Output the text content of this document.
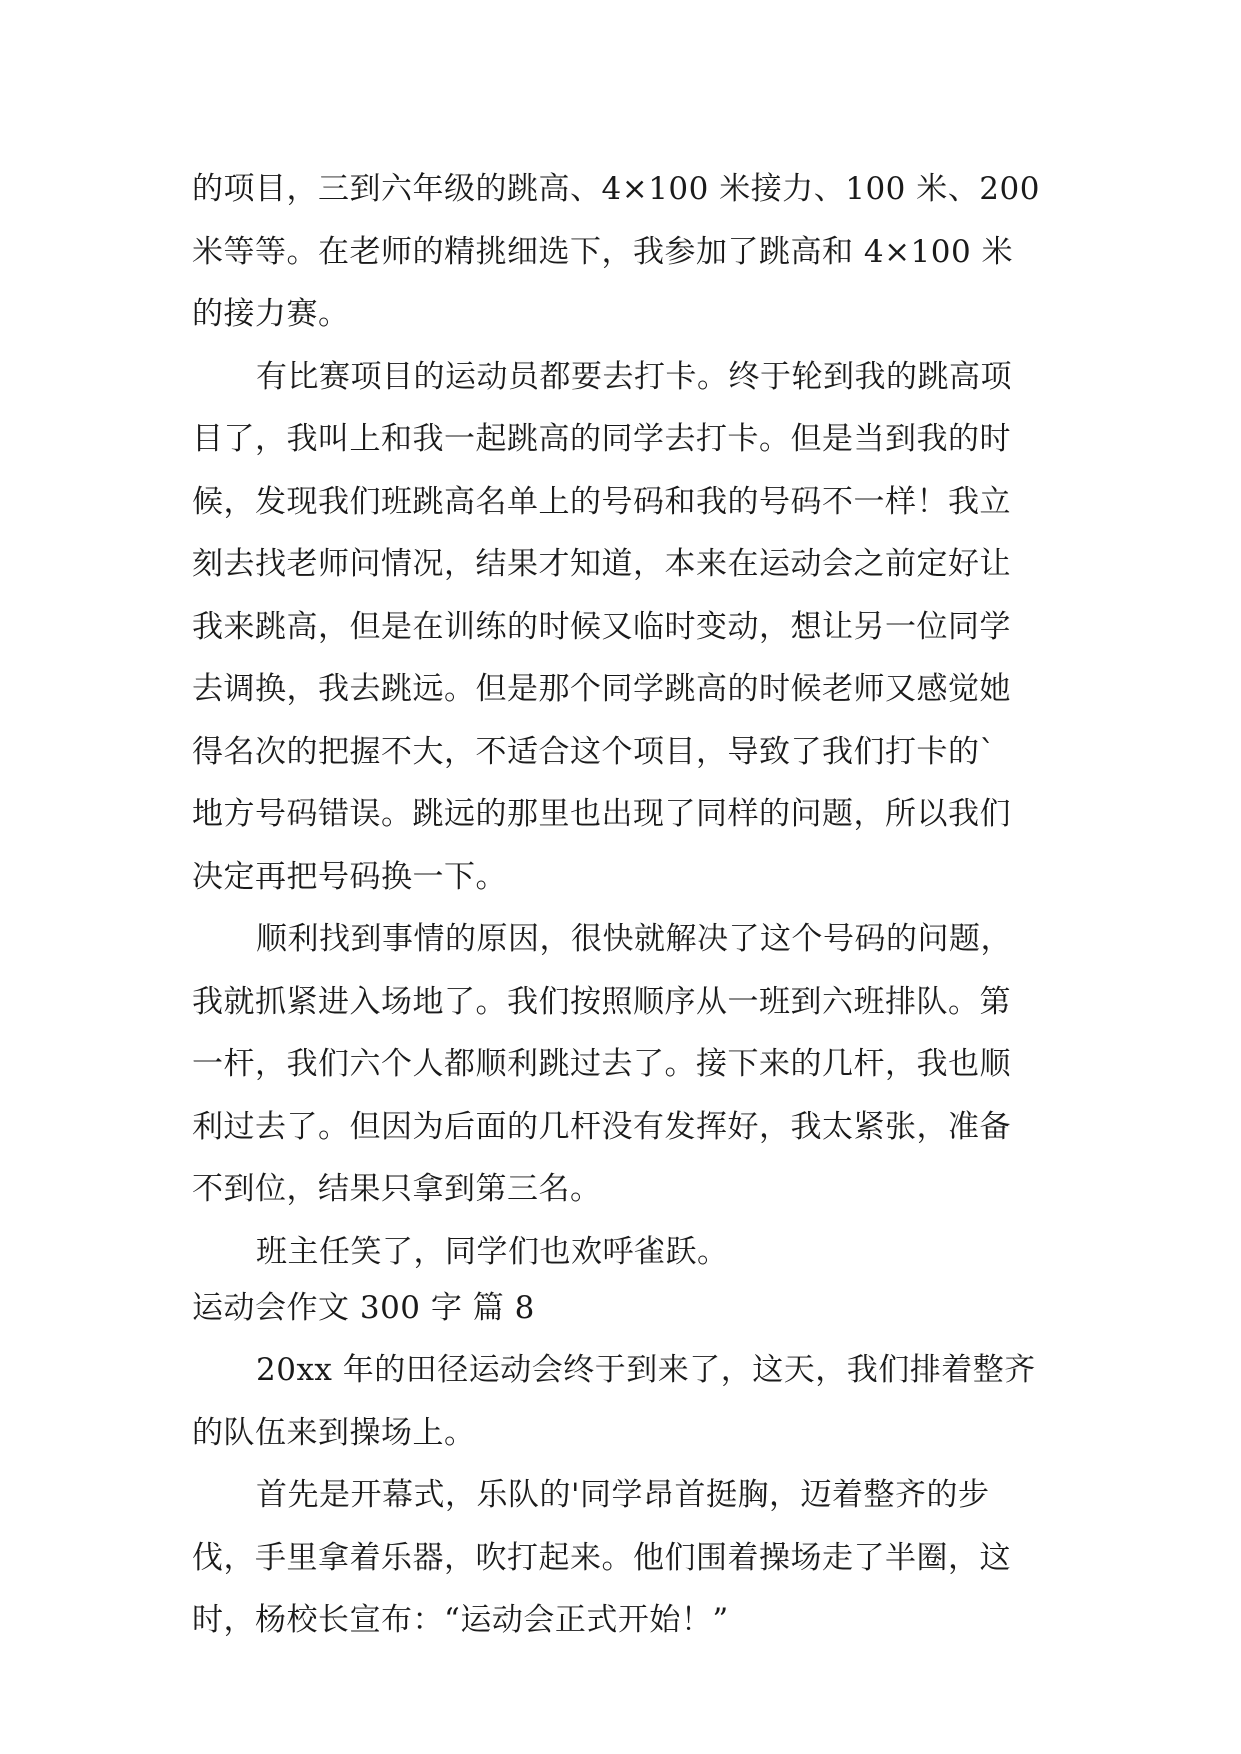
的项目，三到六年级的跳高、4×100 米接力、100 米、200
米等等。在老师的精挑细选下，我参加了跳高和 4×100 米
的接力赛。
有比赛项目的运动员都要去打卡。终于轮到我的跳高项
目了，我叫上和我一起跳高的同学去打卡。但是当到我的时
候，发现我们班跳高名单上的号码和我的号码不一样！我立
刻去找老师问情况，结果才知道，本来在运动会之前定好让
我来跳高，但是在训练的时候又临时变动，想让另一位同学
去调换，我去跳远。但是那个同学跳高的时候老师又感觉她
得名次的把握不大，不适合这个项目，导致了我们打卡的`
地方号码错误。跳远的那里也出现了同样的问题，所以我们
决定再把号码换一下。
顺利找到事情的原因，很快就解决了这个号码的问题，
我就抓紧进入场地了。我们按照顺序从一班到六班排队。第
一杆，我们六个人都顺利跳过去了。接下来的几杆，我也顺
利过去了。但因为后面的几杆没有发挥好，我太紧张，准备
不到位，结果只拿到第三名。
班主任笑了，同学们也欢呼雀跃。
运动会作文 300 字 篇 8
20xx 年的田径运动会终于到来了，这天，我们排着整齐
的队伍来到操场上。
首先是开幕式，乐队的'同学昂首挺胸，迈着整齐的步
伐，手里拿着乐器，吹打起来。他们围着操场走了半圈，这
时，杨校长宣布：“运动会正式开始！”
